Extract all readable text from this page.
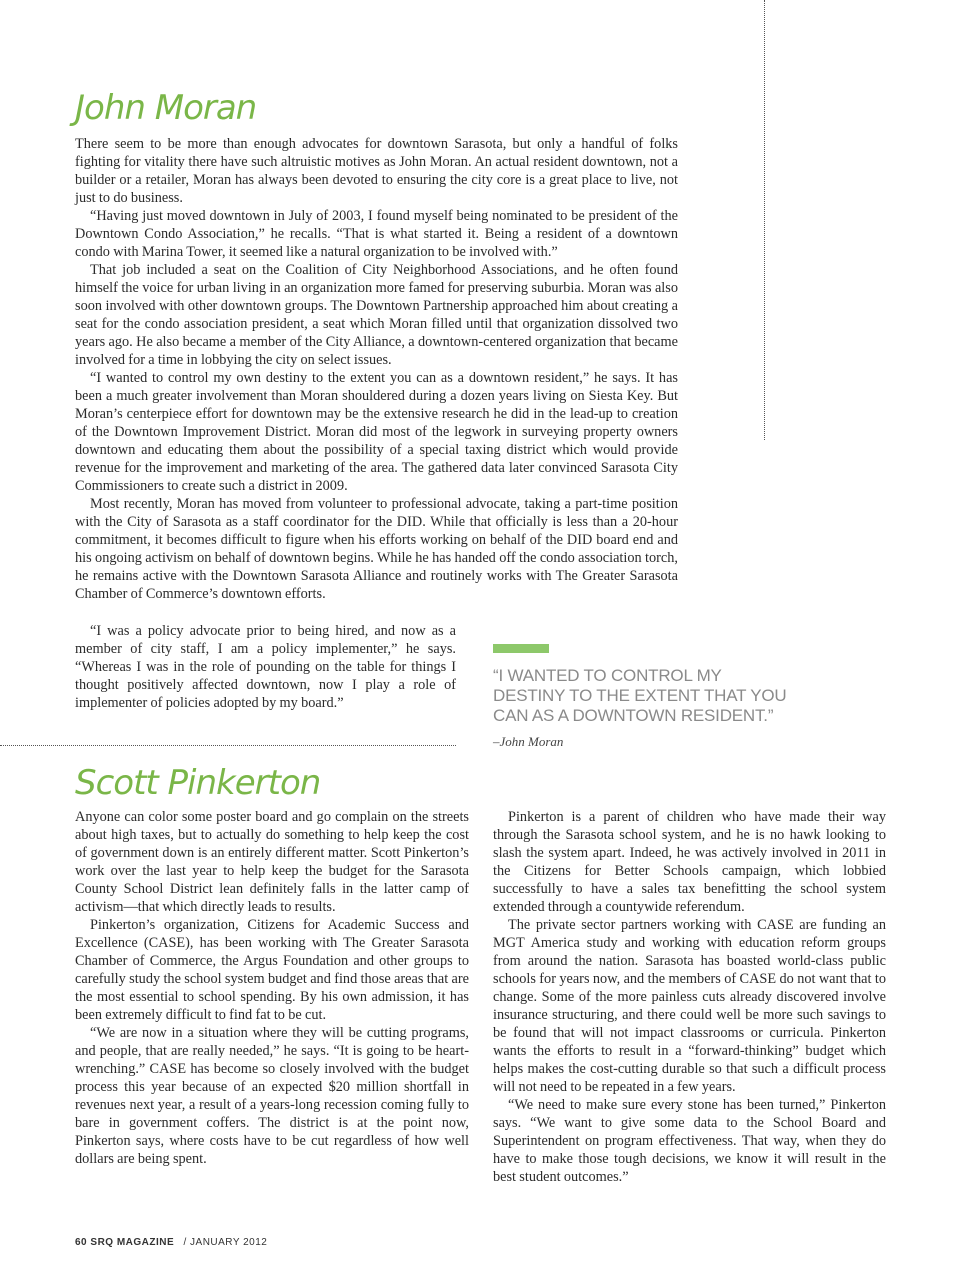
John Moran

There seem to be more than enough advocates for downtown Sarasota, but only a handful of folks fighting for vitality there have such altruistic motives as John Moran. An actual resident downtown, not a builder or a retailer, Moran has always been devoted to ensuring the city core is a great place to live, not just to do business.

“Having just moved downtown in July of 2003, I found myself being nominated to be president of the Downtown Condo Association,” he recalls. “That is what started it. Being a resident of a downtown condo with Marina Tower, it seemed like a natural organization to be involved with.”

That job included a seat on the Coalition of City Neighborhood Associations, and he often found himself the voice for urban living in an organization more famed for preserving suburbia. Moran was also soon involved with other downtown groups. The Downtown Partnership approached him about creating a seat for the condo association president, a seat which Moran filled until that organization dissolved two years ago. He also became a member of the City Alliance, a downtown-centered organization that became involved for a time in lobbying the city on select issues.

“I wanted to control my own destiny to the extent you can as a downtown resident,” he says. It has been a much greater involvement than Moran shouldered during a dozen years living on Siesta Key. But Moran’s centerpiece effort for downtown may be the extensive research he did in the lead-up to creation of the Downtown Improvement District. Moran did most of the legwork in surveying property owners downtown and educating them about the possibility of a special taxing district which would provide revenue for the improvement and marketing of the area. The gathered data later convinced Sarasota City Commissioners to create such a district in 2009.

Most recently, Moran has moved from volunteer to professional advocate, taking a part-time position with the City of Sarasota as a staff coordinator for the DID. While that officially is less than a 20-hour commitment, it becomes difficult to figure when his efforts working on behalf of the DID board end and his ongoing activism on behalf of downtown begins. While he has handed off the condo association torch, he remains active with the Downtown Sarasota Alliance and routinely works with The Greater Sarasota Chamber of Commerce’s downtown efforts.

“I was a policy advocate prior to being hired, and now as a member of city staff, I am a policy implementer,” he says. “Whereas I was in the role of pounding on the table for things I thought positively affected downtown, now I play a role of implementer of policies adopted by my board.”

“I WANTED TO CONTROL MY DESTINY TO THE EXTENT THAT YOU CAN AS A DOWNTOWN RESIDENT.”

–John Moran

Scott Pinkerton

Anyone can color some poster board and go complain on the streets about high taxes, but to actually do something to help keep the cost of government down is an entirely different matter. Scott Pinkerton’s work over the last year to help keep the budget for the Sarasota County School District lean definitely falls in the latter camp of activism—that which directly leads to results.

Pinkerton’s organization, Citizens for Academic Success and Excellence (CASE), has been working with The Greater Sarasota Chamber of Commerce, the Argus Foundation and other groups to carefully study the school system budget and find those areas that are the most essential to school spending. By his own admission, it has been extremely difficult to find fat to be cut.

“We are now in a situation where they will be cutting programs, and people, that are really needed,” he says. “It is going to be heart-wrenching.” CASE has become so closely involved with the budget process this year because of an expected $20 million shortfall in revenues next year, a result of a years-long recession coming fully to bare in government coffers. The district is at the point now, Pinkerton says, where costs have to be cut regardless of how well dollars are being spent.

Pinkerton is a parent of children who have made their way through the Sarasota school system, and he is no hawk looking to slash the system apart. Indeed, he was actively involved in 2011 in the Citizens for Better Schools campaign, which lobbied successfully to have a sales tax benefitting the school system extended through a countywide referendum.

The private sector partners working with CASE are funding an MGT America study and working with education reform groups from around the nation. Sarasota has boasted world-class public schools for years now, and the members of CASE do not want that to change. Some of the more painless cuts already discovered involve insurance structuring, and there could well be more such savings to be found that will not impact classrooms or curricula. Pinkerton wants the efforts to result in a “forward-thinking” budget which helps makes the cost-cutting durable so that such a difficult process will not need to be repeated in a few years.

“We need to make sure every stone has been turned,” Pinkerton says. “We want to give some data to the School Board and Superintendent on program effectiveness. That way, when they do have to make those tough decisions, we know it will result in the best student outcomes.”

60 SRQ MAGAZINE / JANUARY 2012
